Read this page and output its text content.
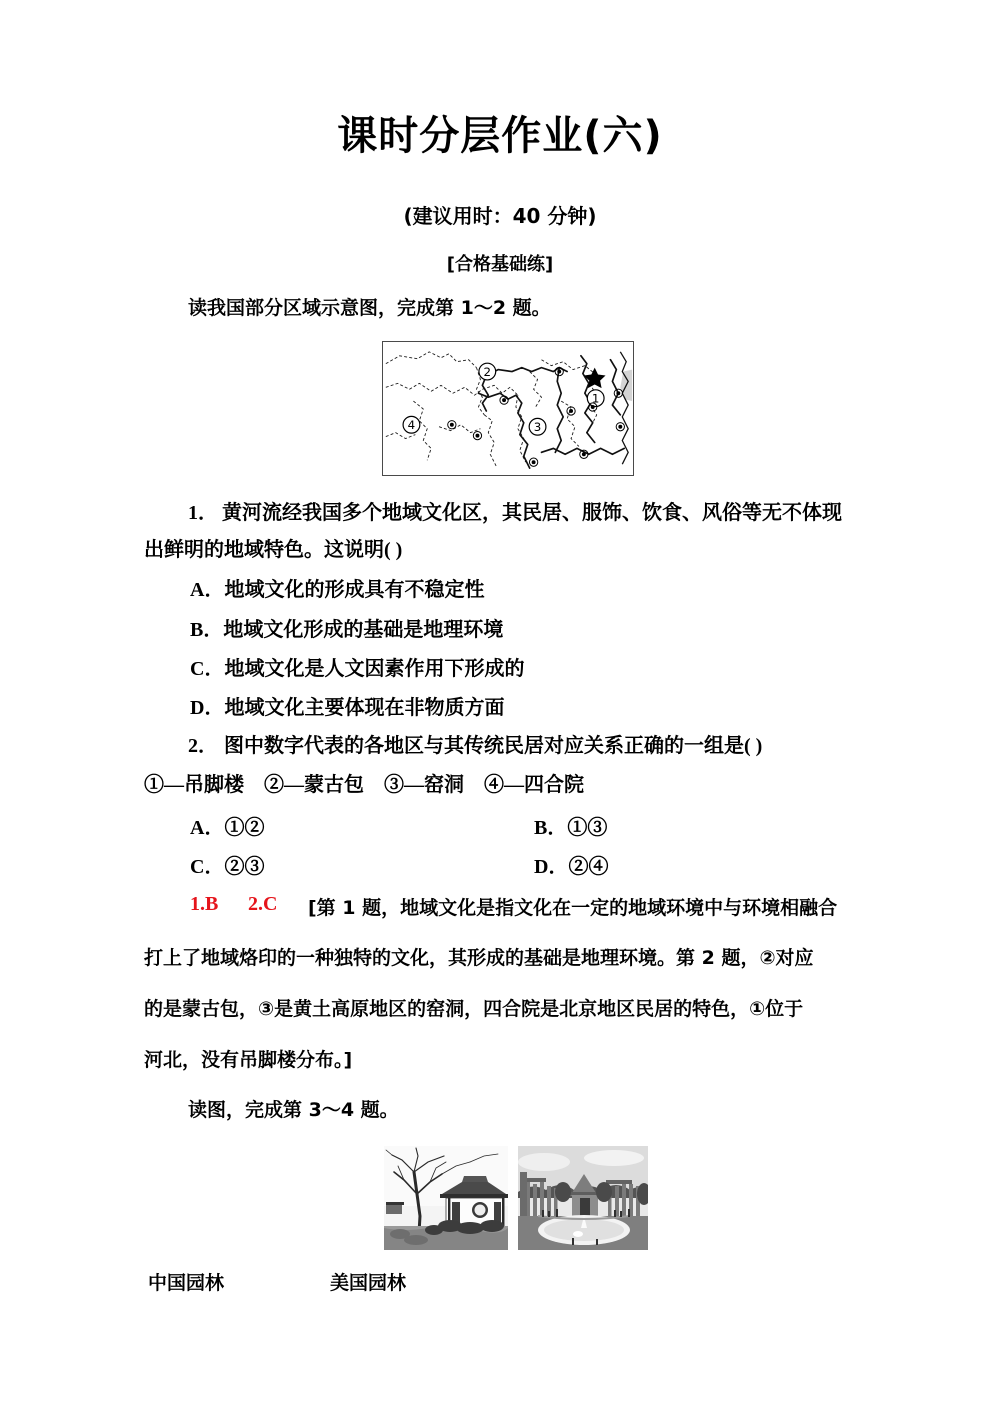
课时分层作业(六)
(建议用时：40 分钟)
[合格基础练]
读我国部分区域示意图，完成第 1～2 题。
1
2
3
4
1． 黄河流经我国多个地域文化区，其民居、服饰、饮食、风俗等无不体现
出鲜明的地域特色。这说明( )
A．地域文化的形成具有不稳定性
B．地域文化形成的基础是地理环境
C．地域文化是人文因素作用下形成的
D．地域文化主要体现在非物质方面
2． 图中数字代表的各地区与其传统民居对应关系正确的一组是( )
①—吊脚楼　②—蒙古包　③—窑洞　④—四合院
A．①②	B．①③
C．②③	D．②④
1.B 2.C [第 1 题，地域文化是指文化在一定的地域环境中与环境相融合
打上了地域烙印的一种独特的文化，其形成的基础是地理环境。第 2 题，②对应
的是蒙古包，③是黄土高原地区的窑洞，四合院是北京地区民居的特色，①位于
河北，没有吊脚楼分布。]
读图，完成第 3～4 题。
中国园林	美国园林
